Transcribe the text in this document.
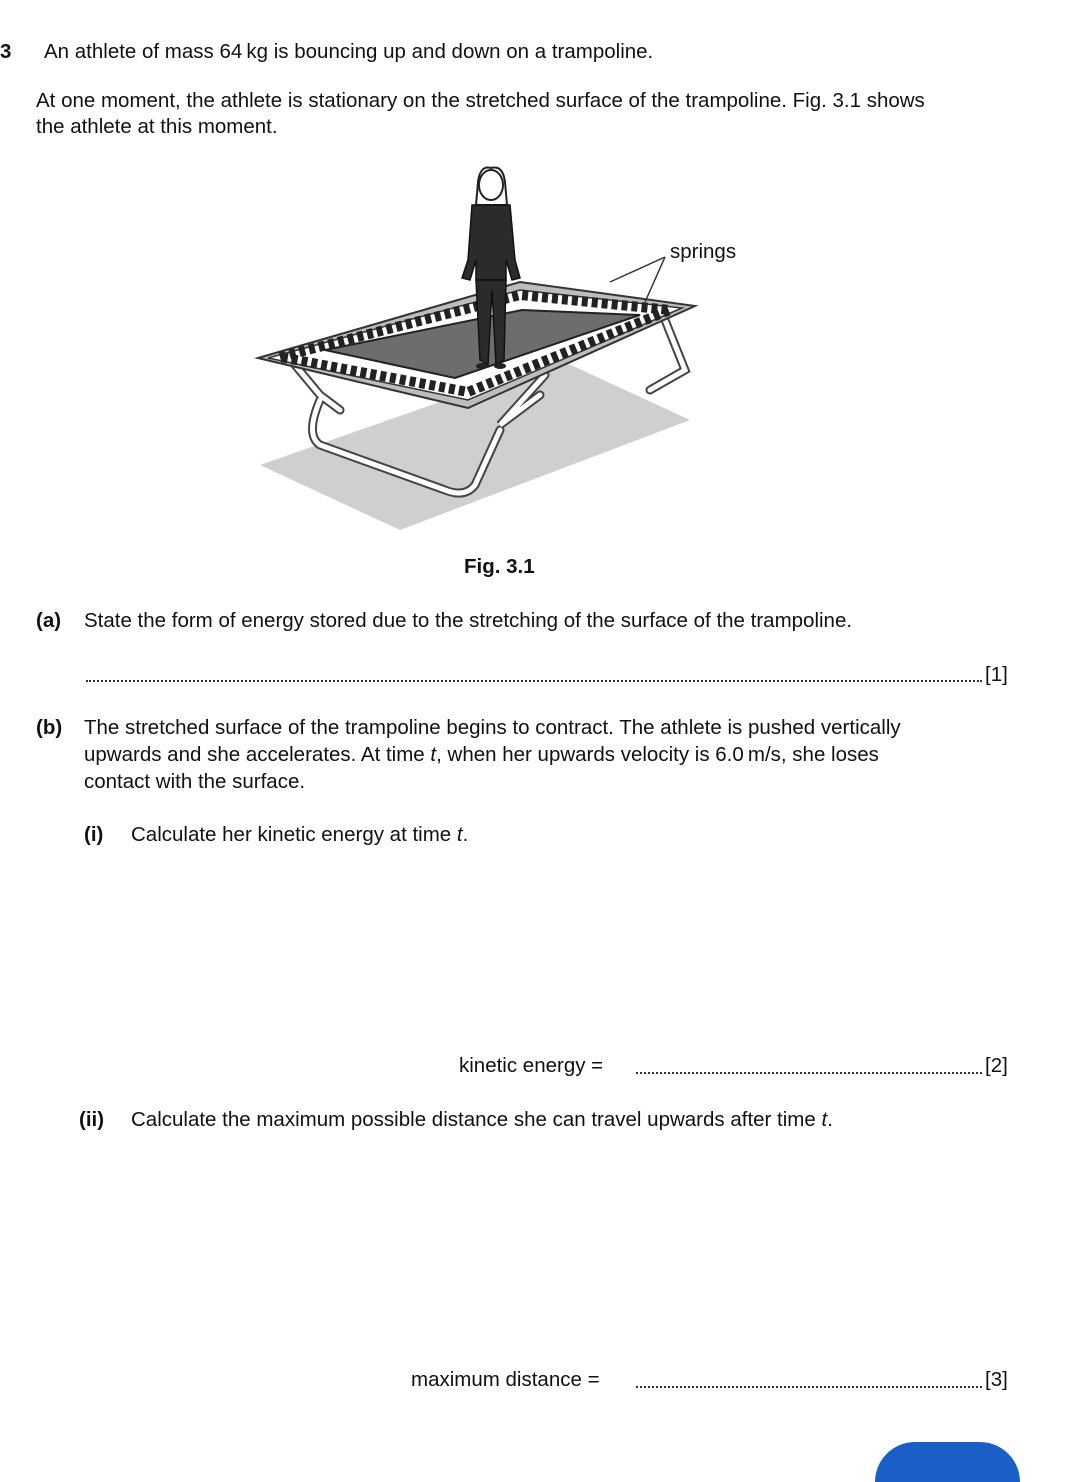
3 An athlete of mass 64 kg is bouncing up and down on a trampoline.
At one moment, the athlete is stationary on the stretched surface of the trampoline. Fig. 3.1 shows
the athlete at this moment.
springs
Fig. 3.1
(a) State the form of energy stored due to the stretching of the surface of the trampoline.
[1]
(b) The stretched surface of the trampoline begins to contract. The athlete is pushed vertically
upwards and she accelerates. At time t, when her upwards velocity is 6.0 m/s, she loses
contact with the surface.
(i) Calculate her kinetic energy at time t.
kinetic energy =	[2]
(ii) Calculate the maximum possible distance she can travel upwards after time t.
maximum distance =	[3]
